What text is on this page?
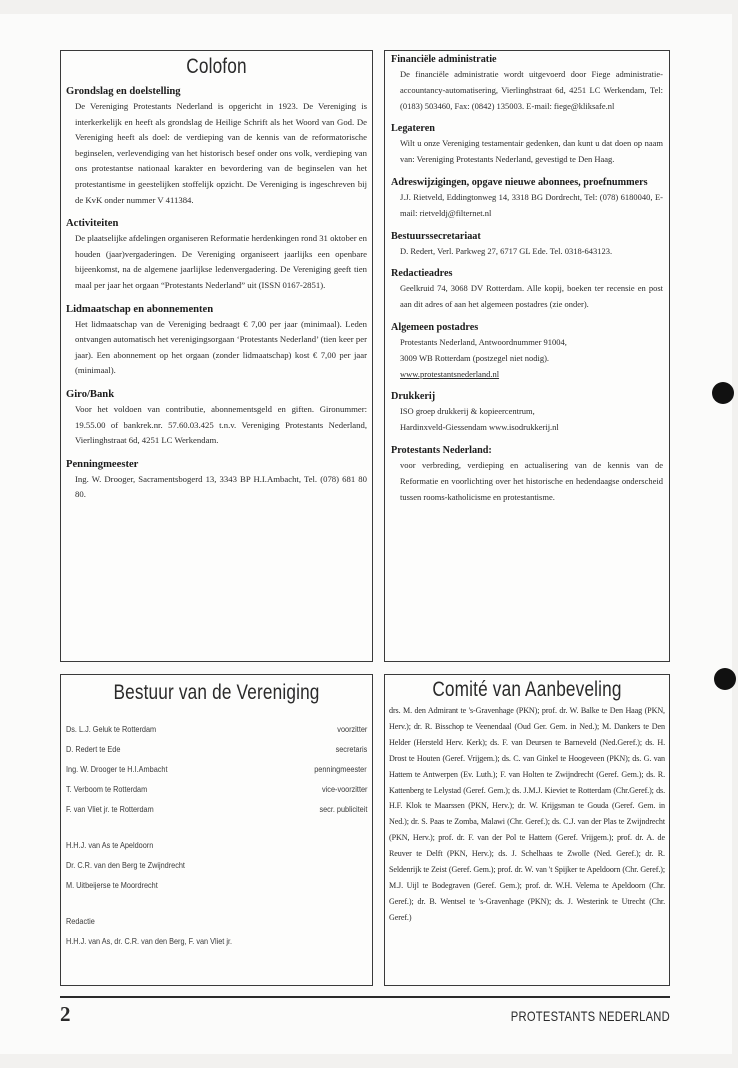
Colofon
Grondslag en doelstelling

De Vereniging Protestants Nederland is opgericht in 1923. De Vereniging is interkerkelijk en heeft als grondslag de Heilige Schrift als het Woord van God. De Vereniging heeft als doel: de verdieping van de kennis van de reformatorische beginselen, verlevendiging van het historisch besef onder ons volk, verdieping van ons protestantse nationaal karakter en bevordering van de beginselen van het protestantisme in geestelijken stoffelijk opzicht. De Vereniging is ingeschreven bij de KvK onder nummer V 411384.

Activiteiten

De plaatselijke afdelingen organiseren Reformatie herdenkingen rond 31 oktober en houden (jaar)vergaderingen. De Vereniging organiseert jaarlijks een openbare bijeenkomst, na de algemene jaarlijkse ledenvergadering. De Vereniging geeft tien maal per jaar het orgaan “Protestants Nederland” uit (ISSN 0167-2851).

Lidmaatschap en abonnementen

Het lidmaatschap van de Vereniging bedraagt € 7,00 per jaar (minimaal). Leden ontvangen automatisch het verenigingsorgaan ‘Protestants Nederland’ (tien keer per jaar). Een abonnement op het orgaan (zonder lidmaatschap) kost € 7,00 per jaar (minimaal).

Giro/Bank

Voor het voldoen van contributie, abonnementsgeld en giften. Gironummer: 19.55.00 of bankrek.nr. 57.60.03.425 t.n.v. Vereniging Protestants Nederland, Vierlinghstraat 6d, 4251 LC Werkendam.

Penningmeester

Ing. W. Drooger, Sacramentsbogerd 13, 3343 BP H.I.Ambacht, Tel. (078) 681 80 80.

Financiële administratie

De financiële administratie wordt uitgevoerd door Fiege administratie-accountancy-automatisering, Vierlinghstraat 6d, 4251 LC Werkendam, Tel: (0183) 503460, Fax: (0842) 135003. E-mail: fiege@kliksafe.nl

Legateren

Wilt u onze Vereniging testamentair gedenken, dan kunt u dat doen op naam van: Vereniging Protestants Nederland, gevestigd te Den Haag.

Adreswijzigingen, opgave nieuwe abonnees, proefnummers

J.J. Rietveld, Eddingtonweg 14, 3318 BG Dordrecht, Tel: (078) 6180040, E-mail: rietveldj@filternet.nl

Bestuurssecretariaat

D. Redert, Verl. Parkweg 27, 6717 GL Ede. Tel. 0318-643123.

Redactieadres

Geelkruid 74, 3068 DV Rotterdam. Alle kopij, boeken ter recensie en post aan dit adres of aan het algemeen postadres (zie onder).

Algemeen postadres

Protestants Nederland, Antwoordnummer 91004,
3009 WB Rotterdam (postzegel niet nodig).
www.protestantsnederland.nl

Drukkerij

ISO groep drukkerij & kopieercentrum,
Hardinxveld-Giessendam www.isodrukkerij.nl

Protestants Nederland:

voor verbreding, verdieping en actualisering van de kennis van de Reformatie en voorlichting over het historische en hedendaagse onderscheid tussen rooms-katholicisme en protestantisme.

Bestuur van de Vereniging
Ds. L.J. Geluk te Rotterdam	voorzitter
D. Redert te Ede	secretaris
Ing. W. Drooger te H.I.Ambacht	penningmeester
T. Verboom te Rotterdam	vice-voorzitter
F. van Vliet jr. te Rotterdam	secr. publiciteit
H.H.J. van As te Apeldoorn
Dr. C.R. van den Berg te Zwijndrecht
M. Uitbeijerse te Moordrecht
Redactie
H.H.J. van As, dr. C.R. van den Berg, F. van Vliet jr.
Comité van Aanbeveling

drs. M. den Admirant te 's-Gravenhage (PKN); prof. dr. W. Balke te Den Haag (PKN, Herv.); dr. R. Bisschop te Veenendaal (Oud Ger. Gem. in Ned.); M. Dankers te Den Helder (Hersteld Herv. Kerk); ds. F. van Deursen te Barneveld (Ned.Geref.); ds. H. Drost te Houten (Geref. Vrijgem.); ds. C. van Ginkel te Hoogeveen (PKN); ds. G. van Hattem te Antwerpen (Ev. Luth.); F. van Holten te Zwijndrecht (Geref. Gem.); ds. R. Kattenberg te Lelystad (Geref. Gem.); ds. J.M.J. Kieviet te Rotterdam (Chr.Geref.); ds. H.F. Klok te Maarssen (PKN, Herv.); dr. W. Krijgsman te Gouda (Geref. Gem. in Ned.); dr. S. Paas te Zomba, Malawi (Chr. Geref.); ds. C.J. van der Plas te Zwijndrecht (PKN, Herv.); prof. dr. F. van der Pol te Hattem (Geref. Vrijgem.); prof. dr. A. de Reuver te Delft (PKN, Herv.); ds. J. Schelhaas te Zwolle (Ned. Geref.); dr. R. Seldenrijk te Zeist (Geref. Gem.); prof. dr. W. van 't Spijker te Apeldoorn (Chr. Geref.); M.J. Uijl te Bodegraven (Geref. Gem.); prof. dr. W.H. Velema te Apeldoorn (Chr. Geref.); dr. B. Wentsel te 's-Gravenhage (PKN); ds. J. Westerink te Utrecht (Chr. Geref.)

2	PROTESTANTS NEDERLAND
